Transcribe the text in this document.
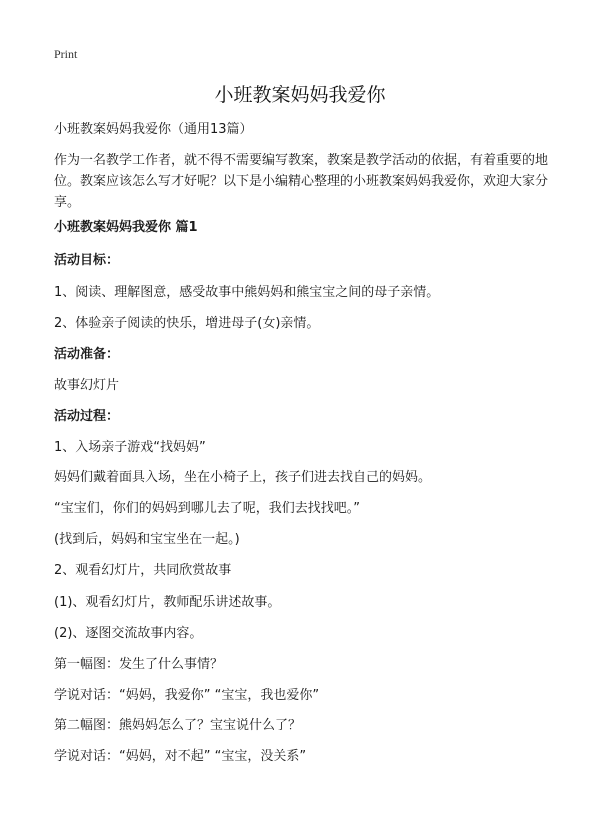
Print
小班教案妈妈我爱你
小班教案妈妈我爱你（通用13篇）
作为一名教学工作者，就不得不需要编写教案，教案是教学活动的依据，有着重要的地位。教案应该怎么写才好呢？以下是小编精心整理的小班教案妈妈我爱你，欢迎大家分享。
小班教案妈妈我爱你 篇1
活动目标：
1、阅读、理解图意，感受故事中熊妈妈和熊宝宝之间的母子亲情。
2、体验亲子阅读的快乐，增进母子(女)亲情。
活动准备：
故事幻灯片
活动过程：
1、入场亲子游戏“找妈妈”
妈妈们戴着面具入场，坐在小椅子上，孩子们进去找自己的妈妈。
“宝宝们，你们的妈妈到哪儿去了呢，我们去找找吧。”
(找到后，妈妈和宝宝坐在一起。)
2、观看幻灯片，共同欣赏故事
(1)、观看幻灯片，教师配乐讲述故事。
(2)、逐图交流故事内容。
第一幅图：发生了什么事情？
学说对话：“妈妈，我爱你” “宝宝，我也爱你”
第二幅图：熊妈妈怎么了？宝宝说什么了？
学说对话：“妈妈，对不起” “宝宝，没关系”
